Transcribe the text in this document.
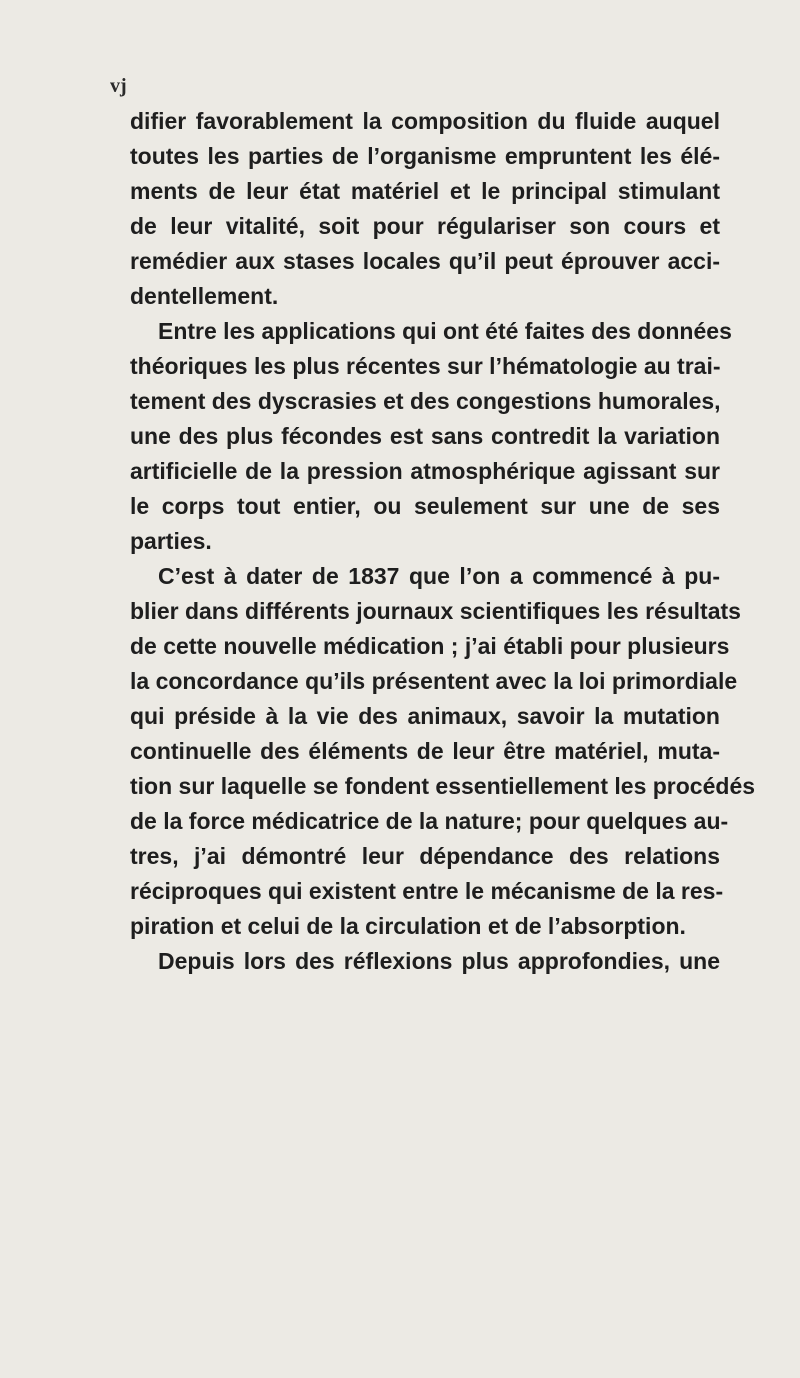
vj
difier favorablement la composition du fluide auquel
toutes les parties de l’organisme empruntent les élé-
ments de leur état matériel et le principal stimulant
de leur vitalité, soit pour régulariser son cours et
remédier aux stases locales qu’il peut éprouver acci-
dentellement.
Entre les applications qui ont été faites des données
théoriques les plus récentes sur l’hématologie au trai-
tement des dyscrasies et des congestions humorales,
une des plus fécondes est sans contredit la variation
artificielle de la pression atmosphérique agissant sur
le corps tout entier, ou seulement sur une de ses
parties.
C’est à dater de 1837 que l’on a commencé à pu-
blier dans différents journaux scientifiques les résultats
de cette nouvelle médication ; j’ai établi pour plusieurs
la concordance qu’ils présentent avec la loi primordiale
qui préside à la vie des animaux, savoir la mutation
continuelle des éléments de leur être matériel, muta-
tion sur laquelle se fondent essentiellement les procédés
de la force médicatrice de la nature; pour quelques au-
tres, j’ai démontré leur dépendance des relations
réciproques qui existent entre le mécanisme de la res-
piration et celui de la circulation et de l’absorption.
Depuis lors des réflexions plus approfondies, une
